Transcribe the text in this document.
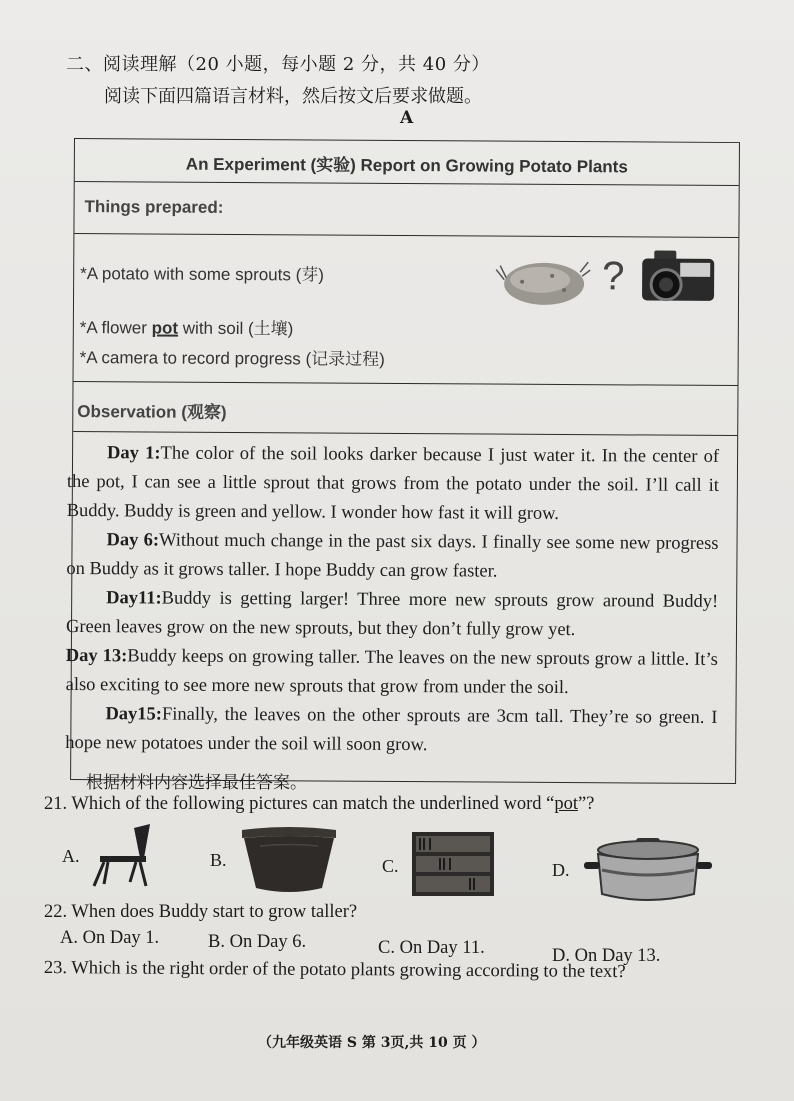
二、阅读理解（20 小题，每小题 2 分，共 40 分）
阅读下面四篇语言材料，然后按文后要求做题。
A
An Experiment (实验) Report on Growing Potato Plants
Things prepared:
*A potato with some sprouts (芽)
*A flower pot with soil (土壤)
*A camera to record progress (记录过程)
?
Observation (观察)

Day 1:The color of the soil looks darker because I just water it. In the center of the pot, I can see a little sprout that grows from the potato under the soil. I’ll call it Buddy. Buddy is green and yellow. I wonder how fast it will grow.

Day 6:Without much change in the past six days. I finally see some new progress on Buddy as it grows taller. I hope Buddy can grow faster.

Day11:Buddy is getting larger! Three more new sprouts grow around Buddy! Green leaves grow on the new sprouts, but they don’t fully grow yet.

Day 13:Buddy keeps on growing taller. The leaves on the new sprouts grow a little. It’s also exciting to see more new sprouts that grow from under the soil.

Day15:Finally, the leaves on the other sprouts are 3cm tall. They’re so green. I hope new potatoes under the soil will soon grow.

根据材料内容选择最佳答案。
21. Which of the following pictures can match the underlined word “pot”?
A.	B.	C.	D.
22. When does Buddy start to grow taller?
A. On Day 1.	B. On Day 6.	C. On Day 11.	D. On Day 13.
23. Which is the right order of the potato plants growing according to the text?
（九年级英语 S 第 3页,共 10 页 ）
